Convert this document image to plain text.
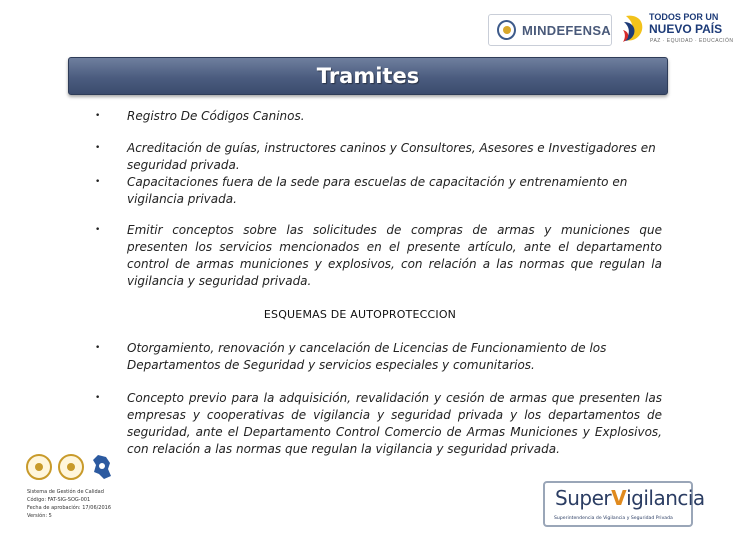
MINDEFENSA
TODOS POR UN
NUEVO PAÍS
PAZ · EQUIDAD · EDUCACIÓN
Tramites
•	Registro De Códigos Caninos.
•	Acreditación de guías, instructores caninos y Consultores, Asesores e Investigadores en seguridad privada.
•	Capacitaciones fuera de la sede para escuelas de capacitación y entrenamiento en vigilancia privada.
•	Emitir conceptos sobre las solicitudes de compras de armas y municiones que presenten los servicios mencionados en el presente artículo, ante el departamento control de armas municiones y explosivos, con relación a las normas que regulan la vigilancia y seguridad privada.
ESQUEMAS DE AUTOPROTECCION
•	Otorgamiento, renovación y cancelación de Licencias de Funcionamiento de los Departamentos de Seguridad y servicios especiales y comunitarios.
•	Concepto previo para la adquisición, revalidación y cesión de armas que presenten las empresas y cooperativas de vigilancia y seguridad privada y los departamentos de seguridad, ante el Departamento Control Comercio de Armas Municiones y Explosivos, con relación a las normas que regulan la vigilancia y seguridad privada.
Sistema de Gestión de Calidad
Código: FAT-SIG-SOG-001
Fecha de aprobación: 17/06/2016
Versión: 5
SuperVigilancia
Superintendencia de Vigilancia y Seguridad Privada
